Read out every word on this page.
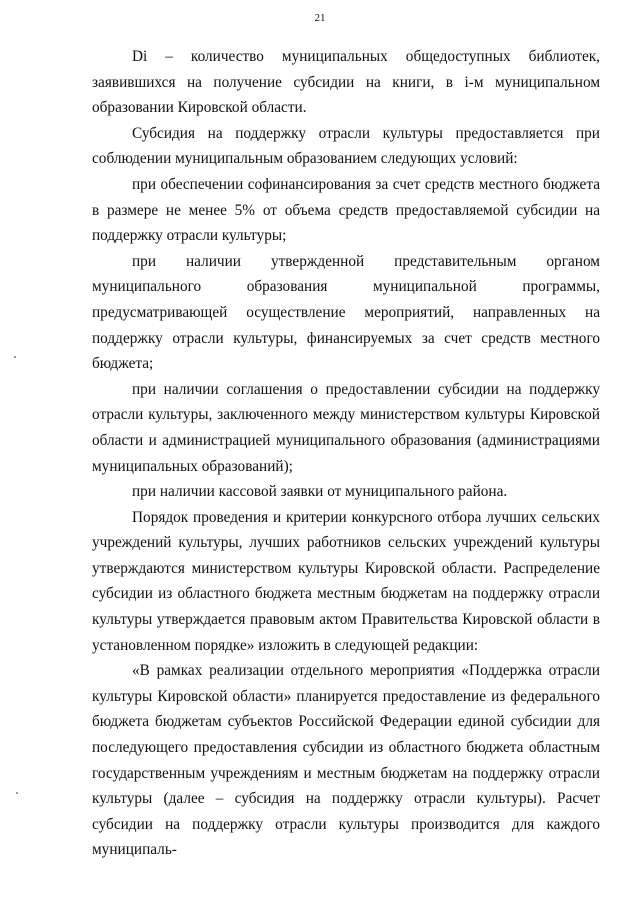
21

Di – количество муниципальных общедоступных библиотек, заявившихся на получение субсидии на книги, в i-м муниципальном образовании Кировской области.

Субсидия на поддержку отрасли культуры предоставляется при соблюдении муниципальным образованием следующих условий:

при обеспечении софинансирования за счет средств местного бюджета в размере не менее 5% от объема средств предоставляемой субсидии на поддержку отрасли культуры;

при наличии утвержденной представительным органом муниципального образования муниципальной программы, предусматривающей осуществление мероприятий, направленных на поддержку отрасли культуры, финансируемых за счет средств местного бюджета;

при наличии соглашения о предоставлении субсидии на поддержку отрасли культуры, заключенного между министерством культуры Кировской области и администрацией муниципального образования (администрациями муниципальных образований);

при наличии кассовой заявки от муниципального района.

Порядок проведения и критерии конкурсного отбора лучших сельских учреждений культуры, лучших работников сельских учреждений культуры утверждаются министерством культуры Кировской области. Распределение субсидии из областного бюджета местным бюджетам на поддержку отрасли культуры утверждается правовым актом Правительства Кировской области в установленном порядке» изложить в следующей редакции:

«В рамках реализации отдельного мероприятия «Поддержка отрасли культуры Кировской области» планируется предоставление из федерального бюджета бюджетам субъектов Российской Федерации единой субсидии для последующего предоставления субсидии из областного бюджета областным государственным учреждениям и местным бюджетам на поддержку отрасли культуры (далее – субсидия на поддержку отрасли культуры). Расчет субсидии на поддержку отрасли культуры производится для каждого муниципаль-
